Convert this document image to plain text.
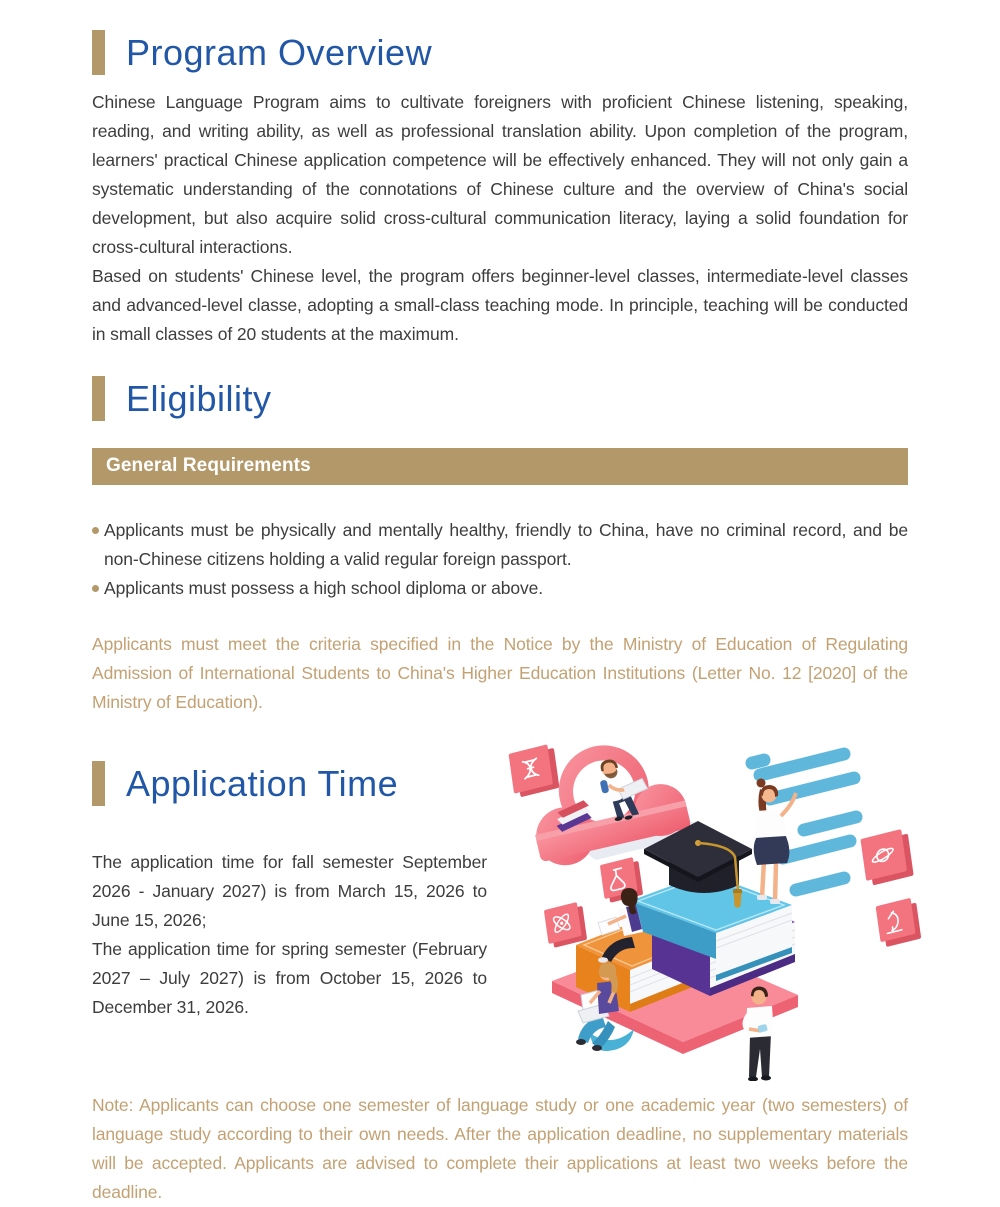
Program Overview

Chinese Language Program aims to cultivate foreigners with proficient Chinese listening, speaking, reading, and writing ability, as well as professional translation ability. Upon completion of the program, learners' practical Chinese application competence will be effectively enhanced. They will not only gain a systematic understanding of the connotations of Chinese culture and the overview of China's social development, but also acquire solid cross-cultural communication literacy, laying a solid foundation for cross-cultural interactions.

Based on students' Chinese level, the program offers beginner-level classes, intermediate-level classes and advanced-level classe, adopting a small-class teaching mode. In principle, teaching will be conducted in small classes of 20 students at the maximum.

Eligibility
General Requirements

Applicants must be physically and mentally healthy, friendly to China, have no criminal record, and be non-Chinese citizens holding a valid regular foreign passport.

Applicants must possess a high school diploma or above.

Applicants must meet the criteria specified in the Notice by the Ministry of Education of Regulating Admission of International Students to China's Higher Education Institutions (Letter No. 12 [2020] of the Ministry of Education).

Application Time

The application time for fall semester September 2026 - January 2027) is from March 15, 2026 to June 15, 2026;

The application time for spring semester (February 2027 – July 2027) is from October 15, 2026 to December 31, 2026.

Note: Applicants can choose one semester of language study or one academic year (two semesters) of language study according to their own needs. After the application deadline, no supplementary materials will be accepted. Applicants are advised to complete their applications at least two weeks before the deadline.
